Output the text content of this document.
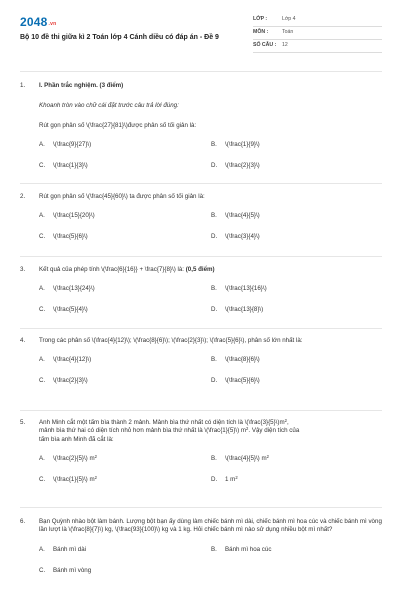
2048.vn
Bộ 10 đề thi giữa kì 2 Toán lớp 4 Cánh diều có đáp án - Đề 9
LỚP :	Lớp 4
MÔN :	Toán
SỐ CÂU :	12
1.	I. Phần trắc nghiệm. (3 điểm)
Khoanh tròn vào chữ cái đặt trước câu trả lời đúng:
Rút gọn phân số \(\frac{27}{81}\)được phân số tối giản là:
A. \(\frac{9}{27}\)	B. \(\frac{1}{9}\)
C. \(\frac{1}{3}\)	D. \(\frac{2}{3}\)
2.	Rút gọn phân số \(\frac{45}{60}\) ta được phân số tối giản là:
A. \(\frac{15}{20}\)	B. \(\frac{4}{5}\)
C. \(\frac{5}{6}\)	D. \(\frac{3}{4}\)
3.	Kết quả của phép tính \(\frac{6}{16}} + \frac{7}{8}\) là: (0,5 điểm)
A. \(\frac{13}{24}\)	B. \(\frac{13}{16}\)
C. \(\frac{5}{4}\)	D. \(\frac{13}{8}\)
4.	Trong các phân số \(\frac{4}{12}\); \(\frac{8}{6}\); \(\frac{2}{3}\); \(\frac{5}{6}\), phân số lớn nhất là:
A. \(\frac{4}{12}\)	B. \(\frac{8}{6}\)
C. \(\frac{2}{3}\)	D. \(\frac{5}{6}\)
5.	Anh Minh cắt một tấm bìa thành 2 mảnh. Mảnh bìa thứ nhất có diện tích là $\backslash(\backslash frac\{3\}\{5\}\backslash)m^2$,
mảnh bìa thứ hai có diện tích nhỏ hơn mảnh bìa thứ nhất là \(\frac{1}{5}\) $m^2$. Vậy diện tích của
tấm bìa anh Minh đã cắt là:
A. \(\frac{2}{5}\) $m^2$	B. \(\frac{4}{5}\) $m^2$
C. \(\frac{1}{5}\) $m^2$	D. 1 $m^2$
6.	Bạn Quỳnh nhào bột làm bánh. Lượng bột bạn ấy dùng làm chiếc bánh mì dài, chiếc bánh mì hoa cúc và chiếc bánh mì vòng lần lượt là \(\frac{8}{7}\) kg, \(\frac{93}{100}\) kg và 1 kg. Hỏi chiếc bánh mì nào sử dụng nhiều bột mì nhất?
A. Bánh mì dài	B. Bánh mì hoa cúc
C. Bánh mì vòng
